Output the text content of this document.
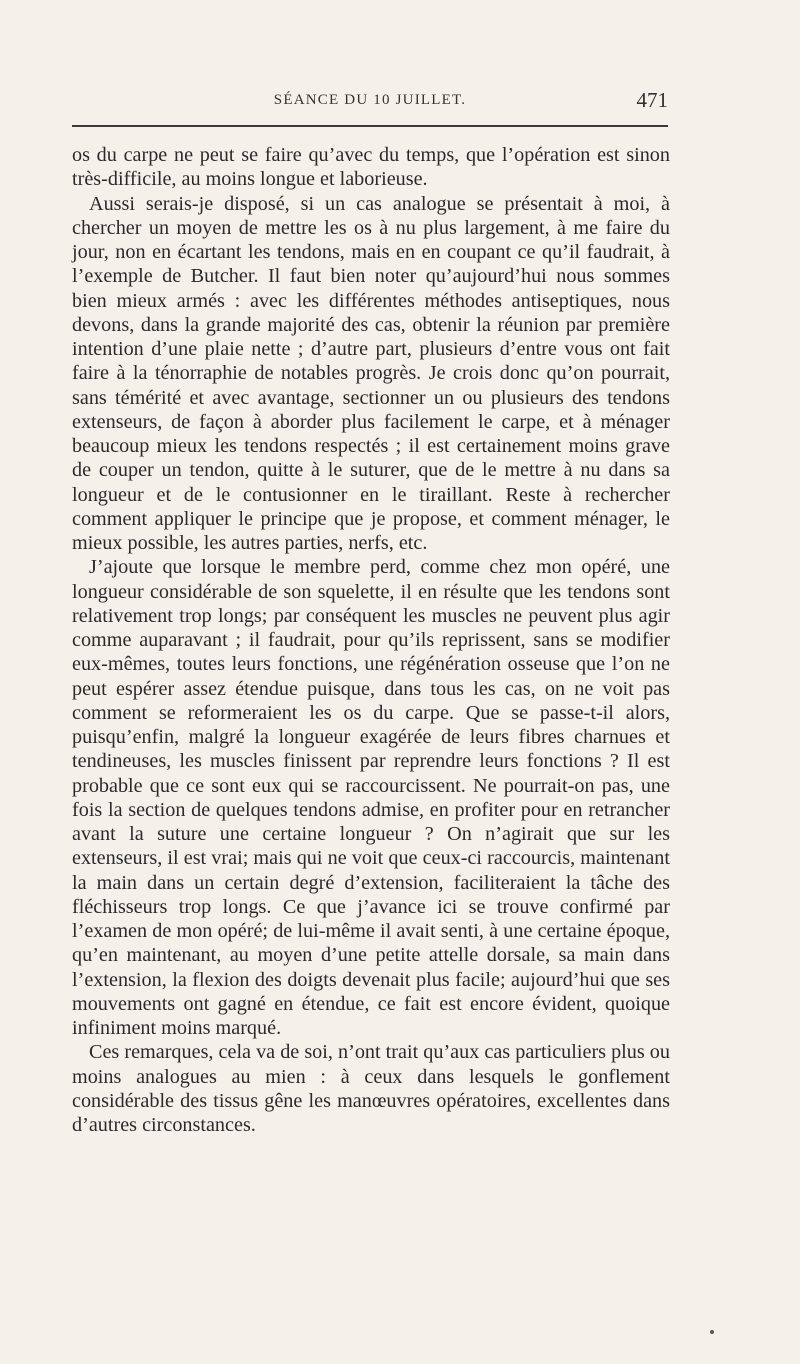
SÉANCE DU 10 JUILLET.	471

os du carpe ne peut se faire qu’avec du temps, que l’opération est sinon très-difficile, au moins longue et laborieuse.

Aussi serais-je disposé, si un cas analogue se présentait à moi, à chercher un moyen de mettre les os à nu plus largement, à me faire du jour, non en écartant les tendons, mais en en coupant ce qu’il faudrait, à l’exemple de Butcher. Il faut bien noter qu’aujourd’hui nous sommes bien mieux armés : avec les différentes méthodes antiseptiques, nous devons, dans la grande majorité des cas, obtenir la réunion par première intention d’une plaie nette ; d’autre part, plusieurs d’entre vous ont fait faire à la ténorraphie de notables progrès. Je crois donc qu’on pourrait, sans témérité et avec avantage, sectionner un ou plusieurs des tendons extenseurs, de façon à aborder plus facilement le carpe, et à ménager beaucoup mieux les tendons respectés ; il est certainement moins grave de couper un tendon, quitte à le suturer, que de le mettre à nu dans sa longueur et de le contusionner en le tiraillant. Reste à rechercher comment appliquer le principe que je propose, et comment ménager, le mieux possible, les autres parties, nerfs, etc.

J’ajoute que lorsque le membre perd, comme chez mon opéré, une longueur considérable de son squelette, il en résulte que les tendons sont relativement trop longs; par conséquent les muscles ne peuvent plus agir comme auparavant ; il faudrait, pour qu’ils reprissent, sans se modifier eux-mêmes, toutes leurs fonctions, une régénération osseuse que l’on ne peut espérer assez étendue puisque, dans tous les cas, on ne voit pas comment se reformeraient les os du carpe. Que se passe-t-il alors, puisqu’enfin, malgré la longueur exagérée de leurs fibres charnues et tendineuses, les muscles finissent par reprendre leurs fonctions ? Il est probable que ce sont eux qui se raccourcissent. Ne pourrait-on pas, une fois la section de quelques tendons admise, en profiter pour en retrancher avant la suture une certaine longueur ? On n’agirait que sur les extenseurs, il est vrai; mais qui ne voit que ceux-ci raccourcis, maintenant la main dans un certain degré d’extension, faciliteraient la tâche des fléchisseurs trop longs. Ce que j’avance ici se trouve confirmé par l’examen de mon opéré; de lui-même il avait senti, à une certaine époque, qu’en maintenant, au moyen d’une petite attelle dorsale, sa main dans l’extension, la flexion des doigts devenait plus facile; aujourd’hui que ses mouvements ont gagné en étendue, ce fait est encore évident, quoique infiniment moins marqué.

Ces remarques, cela va de soi, n’ont trait qu’aux cas particuliers plus ou moins analogues au mien : à ceux dans lesquels le gonflement considérable des tissus gêne les manœuvres opératoires, excellentes dans d’autres circonstances.
